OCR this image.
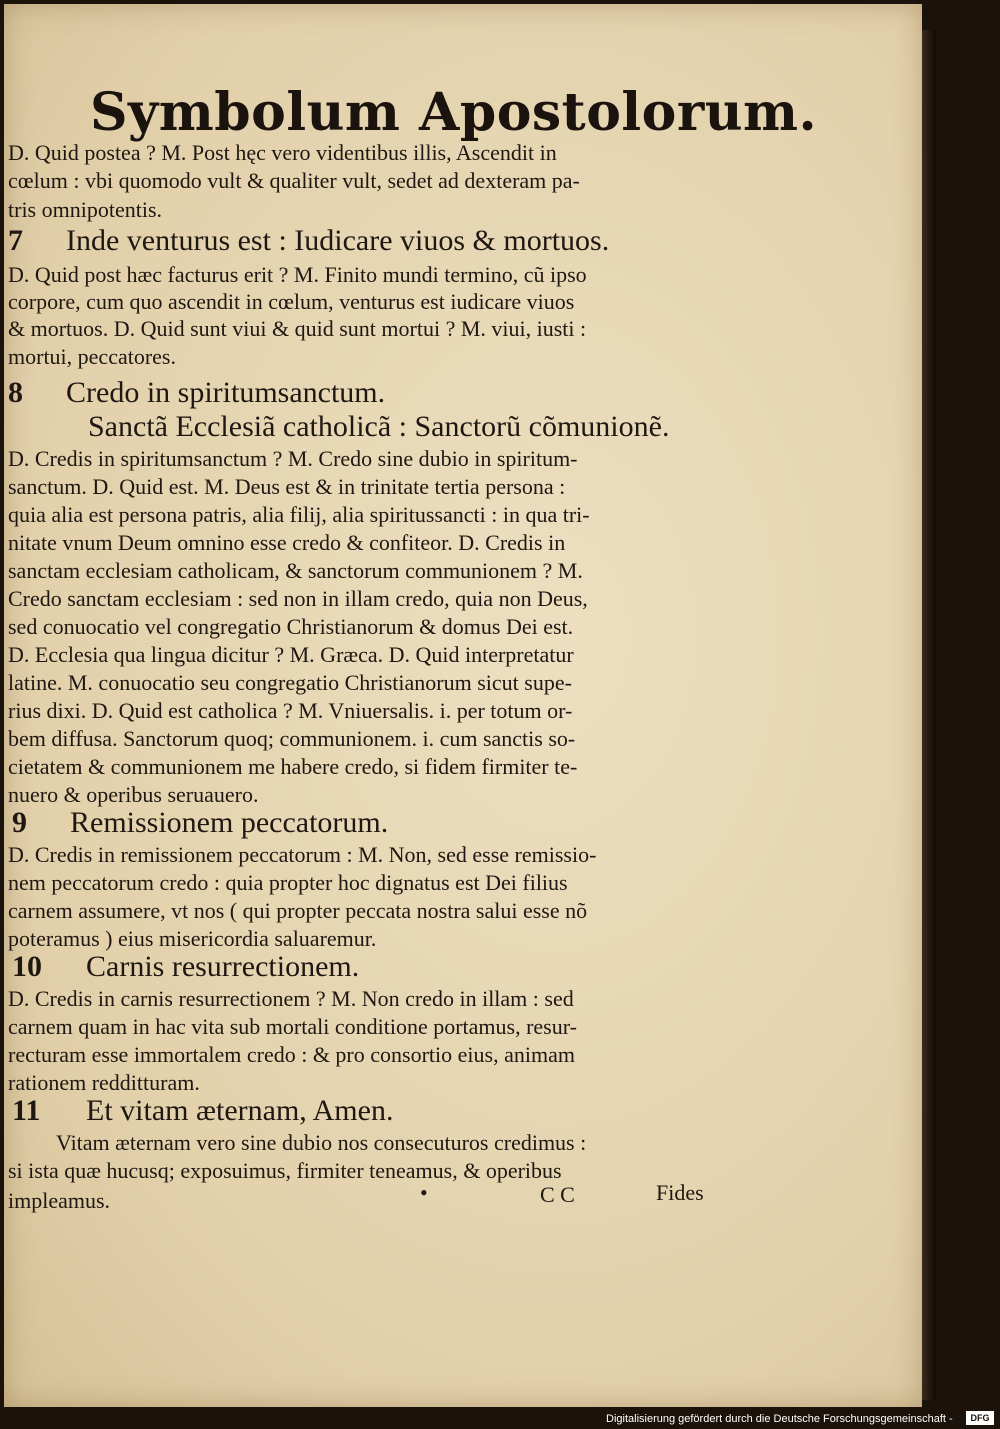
Symbolum Apostolorum.
D. Quid postea ? M. Post hęc vero videntibus illis, Ascendit in
cœlum : vbi quomodo vult & qualiter vult, sedet ad dexteram pa-
tris omnipotentis.
7 Inde venturus est : Iudicare viuos & mortuos.
D. Quid post hæc facturus erit ? M. Finito mundi termino, cũ ipso
corpore, cum quo ascendit in cœlum, venturus est iudicare viuos
& mortuos. D. Quid sunt viui & quid sunt mortui ? M. viui, iusti :
mortui, peccatores.
8 Credo in spiritumsanctum.
Sanctã Ecclesiã catholicã : Sanctorũ cõmunionẽ.
D. Credis in spiritumsanctum ? M. Credo sine dubio in spiritum-
sanctum. D. Quid est. M. Deus est & in trinitate tertia persona :
quia alia est persona patris, alia filij, alia spiritussancti : in qua tri-
nitate vnum Deum omnino esse credo & confiteor. D. Credis in
sanctam ecclesiam catholicam, & sanctorum communionem ? M.
Credo sanctam ecclesiam : sed non in illam credo, quia non Deus,
sed conuocatio vel congregatio Christianorum & domus Dei est.
D. Ecclesia qua lingua dicitur ? M. Græca. D. Quid interpretatur
latine. M. conuocatio seu congregatio Christianorum sicut supe-
rius dixi. D. Quid est catholica ? M. Vniuersalis. i. per totum or-
bem diffusa. Sanctorum quoq; communionem. i. cum sanctis so-
cietatem & communionem me habere credo, si fidem firmiter te-
nuero & operibus seruauero.
9 Remissionem peccatorum.
D. Credis in remissionem peccatorum : M. Non, sed esse remissio-
nem peccatorum credo : quia propter hoc dignatus est Dei filius
carnem assumere, vt nos ( qui propter peccata nostra salui esse nõ
poteramus ) eius misericordia saluaremur.
10 Carnis resurrectionem.
D. Credis in carnis resurrectionem ? M. Non credo in illam : sed
carnem quam in hac vita sub mortali conditione portamus, resur-
recturam esse immortalem credo : & pro consortio eius, animam
rationem redditturam.
11 Et vitam æternam, Amen.
Vitam æternam vero sine dubio nos consecuturos credimus :
si ista quæ hucusq; exposuimus, firmiter teneamus, & operibus
impleamus.	•	C C	Fides
Digitalisierung gefördert durch die Deutsche Forschungsgemeinschaft -	DFG
